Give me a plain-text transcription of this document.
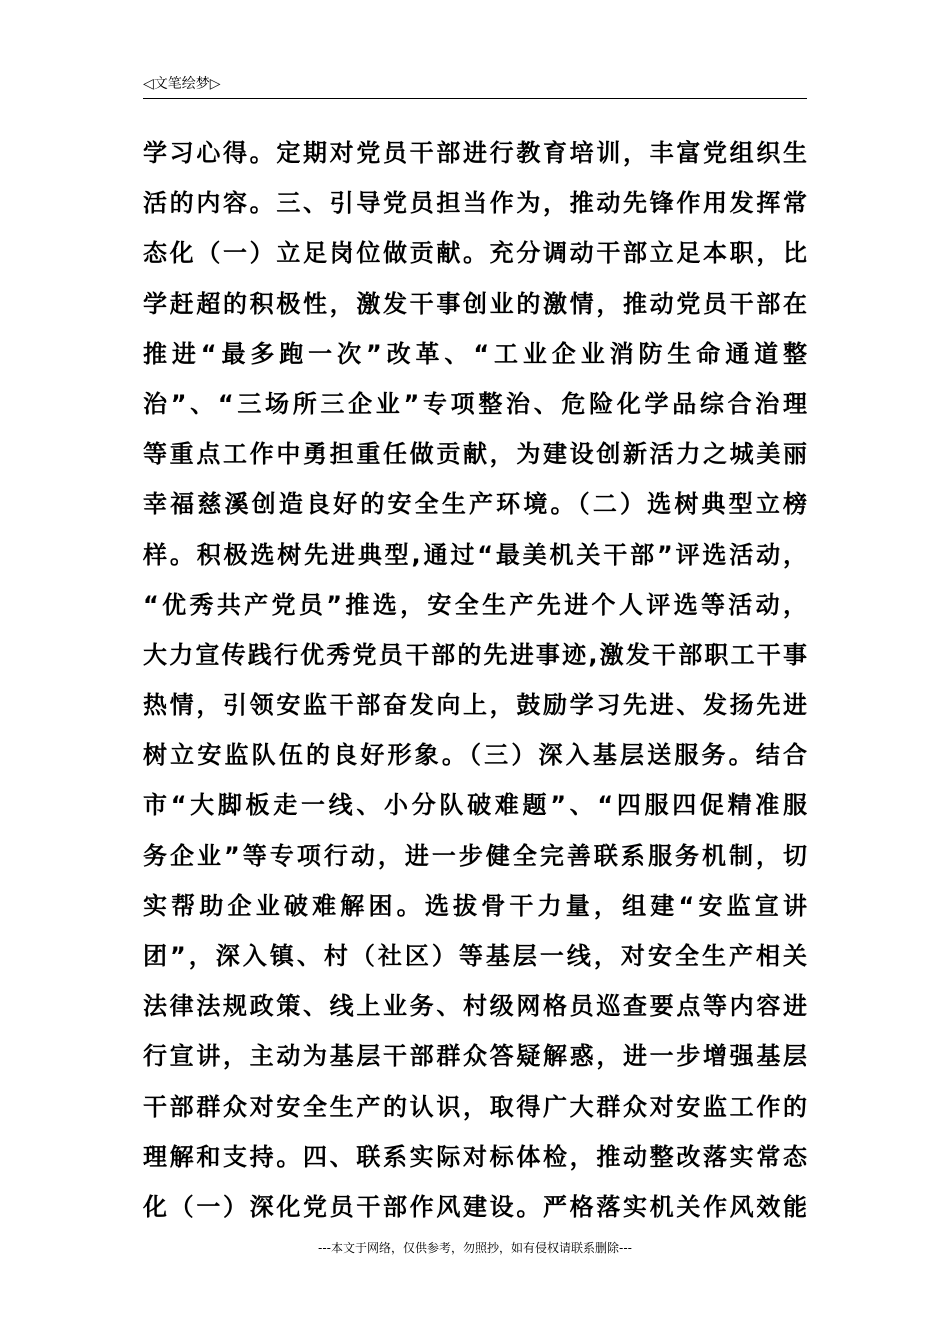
◁文笔绘梦▷
学习心得。定期对党员干部进行教育培训，丰富党组织生
活的内容。三、引导党员担当作为，推动先锋作用发挥常
态化（一）立足岗位做贡献。充分调动干部立足本职，比
学赶超的积极性，激发干事创业的激情，推动党员干部在
推进“最多跑一次”改革、“工业企业消防生命通道整
治”、“三场所三企业”专项整治、危险化学品综合治理
等重点工作中勇担重任做贡献，为建设创新活力之城美丽
幸福慈溪创造良好的安全生产环境。（二）选树典型立榜
样。积极选树先进典型,通过“最美机关干部”评选活动，
“优秀共产党员”推选，安全生产先进个人评选等活动，
大力宣传践行优秀党员干部的先进事迹,激发干部职工干事
热情，引领安监干部奋发向上，鼓励学习先进、发扬先进
树立安监队伍的良好形象。（三）深入基层送服务。结合
市“大脚板走一线、小分队破难题”、“四服四促精准服
务企业”等专项行动，进一步健全完善联系服务机制，切
实帮助企业破难解困。选拔骨干力量，组建“安监宣讲
团”，深入镇、村（社区）等基层一线，对安全生产相关
法律法规政策、线上业务、村级网格员巡查要点等内容进
行宣讲，主动为基层干部群众答疑解惑，进一步增强基层
干部群众对安全生产的认识，取得广大群众对安监工作的
理解和支持。四、联系实际对标体检，推动整改落实常态
化（一）深化党员干部作风建设。严格落实机关作风效能
---本文于网络，仅供参考，勿照抄，如有侵权请联系删除---
